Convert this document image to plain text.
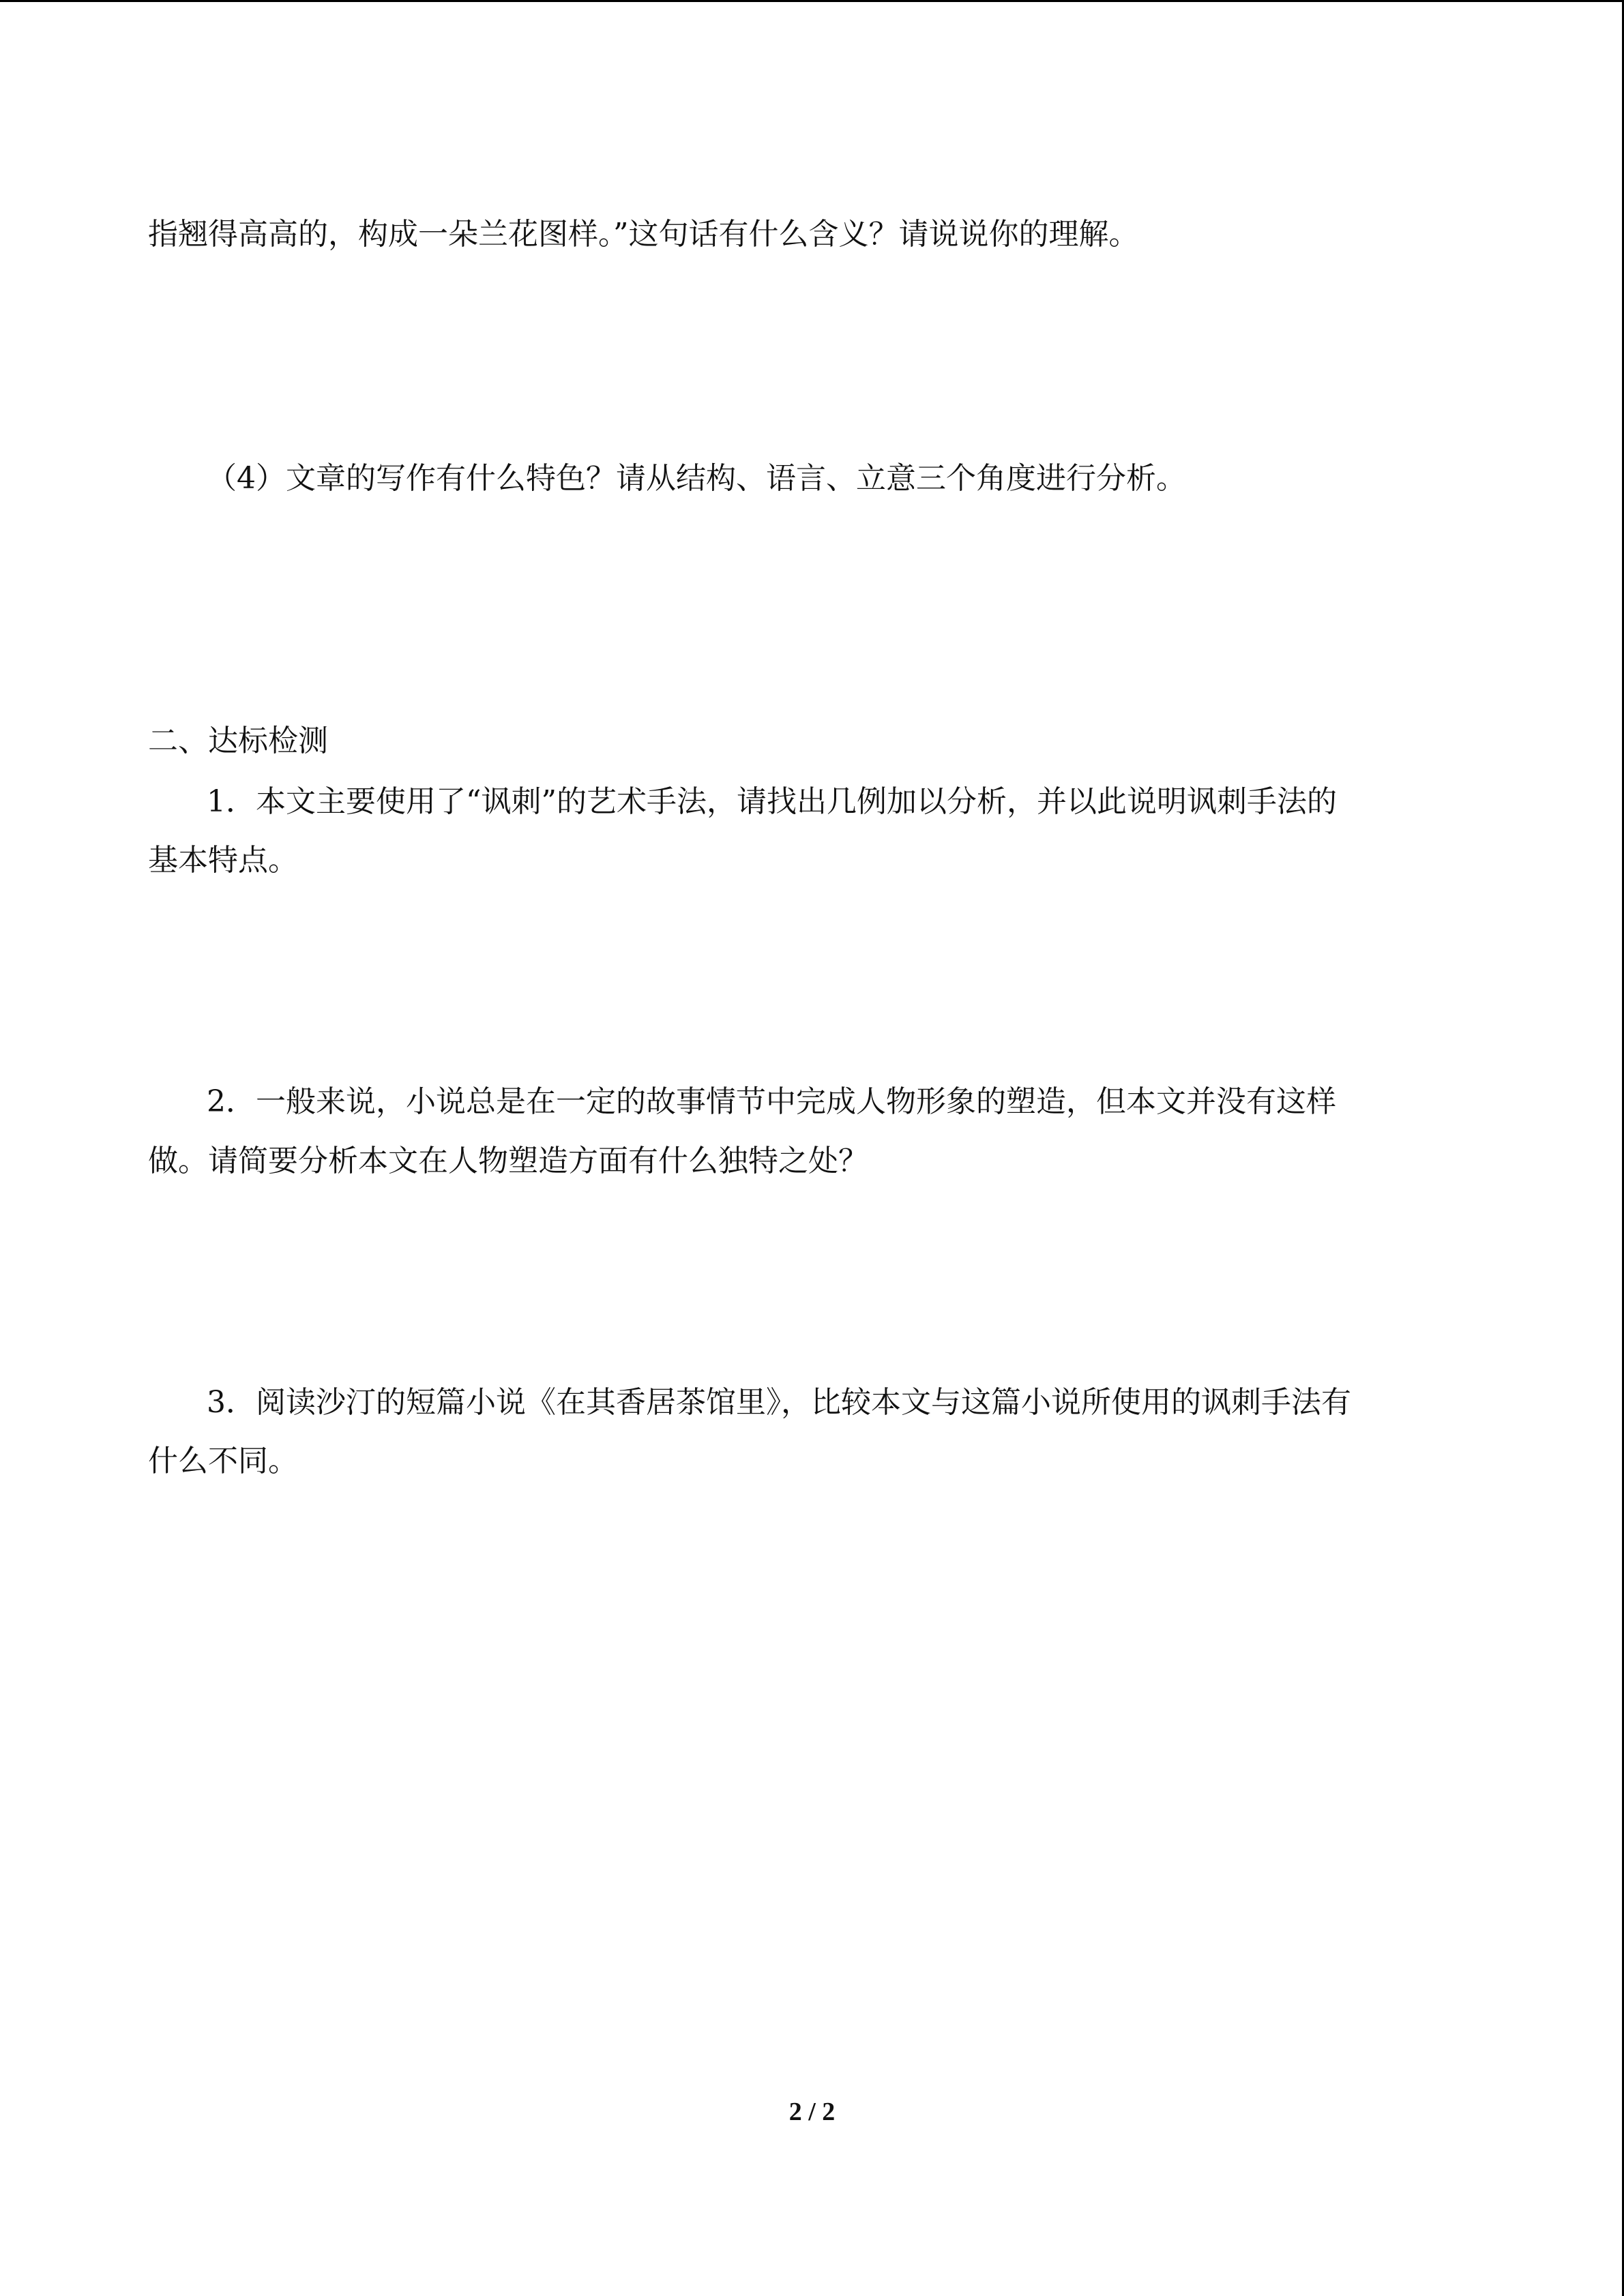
指翘得高高的，构成一朵兰花图样。”这句话有什么含义？请说说你的理解。
（4）文章的写作有什么特色？请从结构、语言、立意三个角度进行分析。
二、达标检测
1．本文主要使用了“讽刺”的艺术手法，请找出几例加以分析，并以此说明讽刺手法的
基本特点。
2．一般来说，小说总是在一定的故事情节中完成人物形象的塑造，但本文并没有这样
做。请简要分析本文在人物塑造方面有什么独特之处？
3．阅读沙汀的短篇小说《在其香居茶馆里》，比较本文与这篇小说所使用的讽刺手法有
什么不同。
2 / 2
